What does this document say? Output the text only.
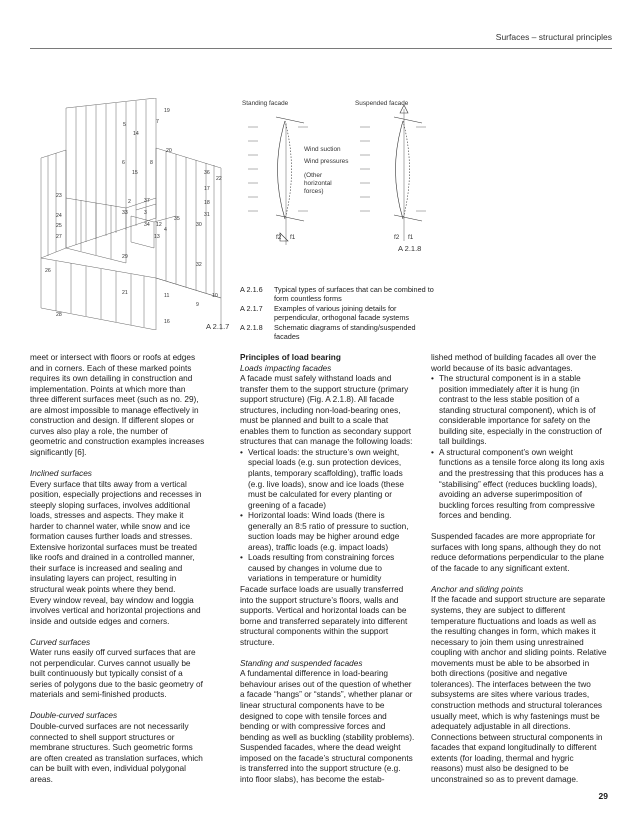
Surfaces – structural principles
19
5	7
14
20
6	8
15	36
22
17
23
2	37	18
3
35
31
24	33
34 12
4
30
25
27	13
29
32
26
21	11	10
9
28
16	A 2.1.7
Standing facade	Suspended facade
Wind suction
Wind pressures
(Other
horizontal
forces)
f2 f1	f2 f1
A 2.1.8
A 2.1.6	Typical types of surfaces that can be combined to form countless forms
A 2.1.7	Examples of various joining details for perpendicular, orthogonal facade systems
A 2.1.8	Schematic diagrams of standing/suspended facades

meet or intersect with floors or roofs at edges and in corners. Each of these marked points requires its own detailing in construction and implementation. Points at which more than three different surfaces meet (such as no. 29), are almost impossible to manage effectively in construction and design. If different slopes or curves also play a role, the number of geometric and construction examples increases significantly [6].

Inclined surfaces

Every surface that tilts away from a vertical position, especially projections and recesses in steeply sloping surfaces, involves additional loads, stresses and aspects. They make it harder to channel water, while snow and ice formation causes further loads and stresses. Extensive horizontal surfaces must be treated like roofs and drained in a controlled manner, their surface is increased and sealing and insulating layers can project, resulting in structural weak points where they bend.

Every window reveal, bay window and loggia involves vertical and horizontal projections and inside and outside edges and corners.

Curved surfaces

Water runs easily off curved surfaces that are not perpendicular. Curves cannot usually be built continuously but typically consist of a series of polygons due to the basic geometry of materials and semi-finished products.

Double-curved surfaces

Double-curved surfaces are not necessarily connected to shell support structures or membrane structures. Such geometric forms are often created as translation surfaces, which can be built with even, individual polygonal areas.

Principles of load bearing

Loads impacting facades

A facade must safely withstand loads and transfer them to the support structure (primary support structure) (Fig. A 2.1.8). All facade structures, including non-load-bearing ones, must be planned and built to a scale that enables them to function as secondary support structures that can manage the following loads:

• Vertical loads: the structure’s own weight, special loads (e.g. sun protection devices, plants, temporary scaffolding), traffic loads (e.g. live loads), snow and ice loads (these must be calculated for every planting or greening of a facade)
• Horizontal loads: Wind loads (there is generally an 8:5 ratio of pressure to suction, suction loads may be higher around edge areas), traffic loads (e.g. impact loads)
• Loads resulting from constraining forces caused by changes in volume due to variations in temperature or humidity

Facade surface loads are usually transferred into the support structure’s floors, walls and supports. Vertical and horizontal loads can be borne and transferred separately into different structural components within the support structure.

Standing and suspended facades

A fundamental difference in load-bearing behaviour arises out of the question of whether a facade “hangs” or “stands”, whether planar or linear structural components have to be designed to cope with tensile forces and bending or with compressive forces and bending as well as buckling (stability problems). Suspended facades, where the dead weight imposed on the facade’s structural components is transferred into the support structure (e.g. into floor slabs), has become the estab-

lished method of building facades all over the world because of its basic advantages.

• The structural component is in a stable position immediately after it is hung (in contrast to the less stable position of a standing structural component), which is of considerable importance for safety on the building site, especially in the construction of tall buildings.
• A structural component’s own weight functions as a tensile force along its long axis and the prestressing that this produces has a “stabilising” effect (reduces buckling loads), avoiding an adverse superimposition of buckling forces resulting from compressive forces and bending.

Suspended facades are more appropriate for surfaces with long spans, although they do not reduce deformations perpendicular to the plane of the facade to any significant extent.

Anchor and sliding points

If the facade and support structure are separate systems, they are subject to different temperature fluctuations and loads as well as the resulting changes in form, which makes it necessary to join them using unrestrained coupling with anchor and sliding points. Relative movements must be able to be absorbed in both directions (positive and negative tolerances). The interfaces between the two subsystems are sites where various trades, construction methods and structural tolerances usually meet, which is why fastenings must be adequately adjustable in all directions. Connections between structural components in facades that expand longitudinally to different extents (for loading, thermal and hygric reasons) must also be designed to be unconstrained so as to prevent damage.

29
